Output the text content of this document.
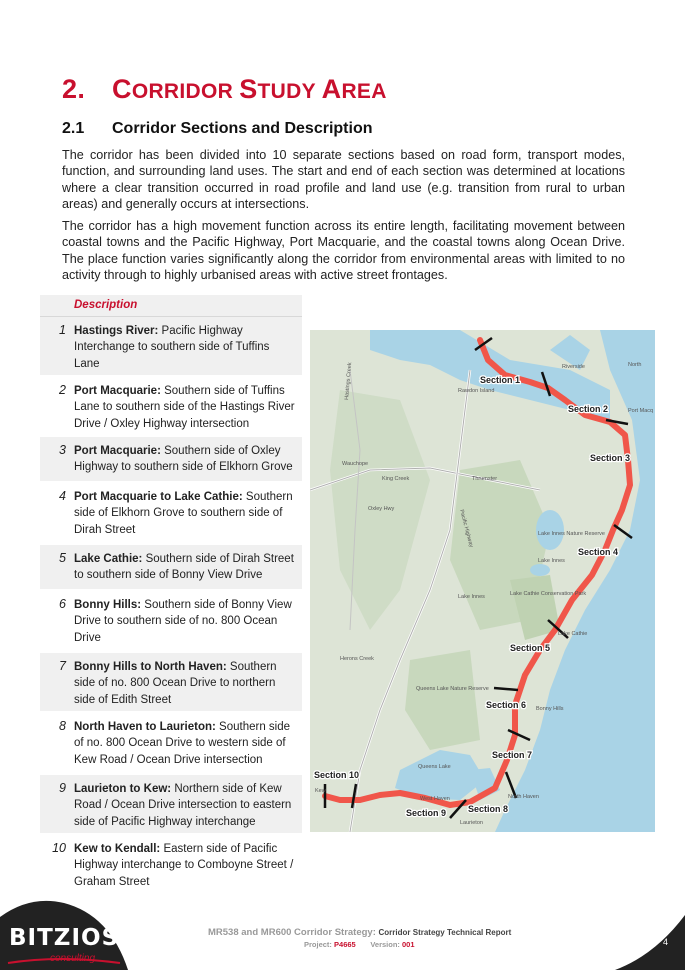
2. CORRIDOR STUDY AREA
2.1 Corridor Sections and Description

The corridor has been divided into 10 separate sections based on road form, transport modes, function, and surrounding land uses. The start and end of each section was determined at locations where a clear transition occurred in road profile and land use (e.g. transition from rural to urban areas) and generally occurs at intersections.

The corridor has a high movement function across its entire length, facilitating movement between coastal towns and the Pacific Highway, Port Macquarie, and the coastal towns along Ocean Drive. The place function varies significantly along the corridor from environmental areas with limited to no activity through to highly urbanised areas with active street frontages.

Description
1 Hastings River: Pacific Highway Interchange to southern side of Tuffins Lane
2 Port Macquarie: Southern side of Tuffins Lane to southern side of the Hastings River Drive / Oxley Highway intersection
3 Port Macquarie: Southern side of Oxley Highway to southern side of Elkhorn Grove
4 Port Macquarie to Lake Cathie: Southern side of Elkhorn Grove to southern side of Dirah Street
5 Lake Cathie: Southern side of Dirah Street to southern side of Bonny View Drive
6 Bonny Hills: Southern side of Bonny View Drive to southern side of no. 800 Ocean Drive
7 Bonny Hills to North Haven: Southern side of no. 800 Ocean Drive to northern side of Edith Street
8 North Haven to Laurieton: Southern side of no. 800 Ocean Drive to western side of Kew Road / Ocean Drive intersection
9 Laurieton to Kew: Northern side of Kew Road / Ocean Drive intersection to eastern side of Pacific Highway interchange
10 Kew to Kendall: Eastern side of Pacific Highway interchange to Comboyne Street / Graham Street
Riverside	North
Port Macq
Hastings Creek	Rawdon Island
Wauchope
King Creek	Thrumster
Lake Innes Nature Reserve
Lake Innes
Lake Innes	Lake Cathie Conservation Park
Lake Cathie
Bonny Hills
Herons Creek
Queens Lake Nature Reserve
Queens Lake
North Haven
Laurieton
West Haven
Kew
Pacific Highway
Oxley Hwy
Section 1
Section 2
Section 3
Section 4
Section 5
Section 6
Section 7
Section 8
Section 9
Section 10
BITZIOS
consulting
MR538 and MR600 Corridor Strategy: Corridor Strategy Technical Report
Project: P4665 Version: 001	4
